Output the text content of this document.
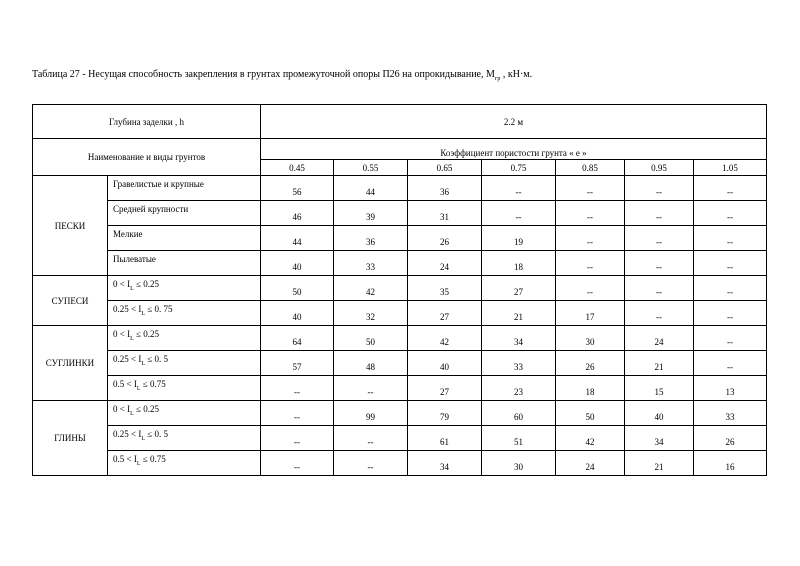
Таблица 27 - Несущая способность закрепления в грунтах промежуточной опоры П26 на опрокидывание, $М_{гр}$ , кН·м.
Глубина заделки , h		2.2 м						
Наименование и виды грунтов		Коэффициент пористости грунта « e »						
		0.45	0.55	0.65	0.75	0.85	0.95	1.05
ПЕСКИ	Гравелистые и крупные	56	44	36	--	--	--	--

	Средней крупности	46	39	31	--	--	--	--

	Мелкие	44	36	26	19	--	--	--

	Пылеватые	40	33	24	18	--	--	--

СУПЕСИ	$0 < I_L \le 0.25$	50	42	35	27	--	--	--

	$0.25 < I_L \le 0$. 75	40	32	27	21	17	--	--

СУГЛИНКИ	$0 < I_L \le 0.25$	64	50	42	34	30	24	--

	$0.25 < I_L \le 0$. 5	57	48	40	33	26	21	--

	$0.5 < I_L \le 0.75$	--	--	27	23	18	15	13

ГЛИНЫ	$0 < I_L \le 0.25$	--	99	79	60	50	40	33

	$0.25 < I_L \le 0$. 5	--	--	61	51	42	34	26

	$0.5 < I_L \le 0.75$	--	--	34	30	24	21	16
